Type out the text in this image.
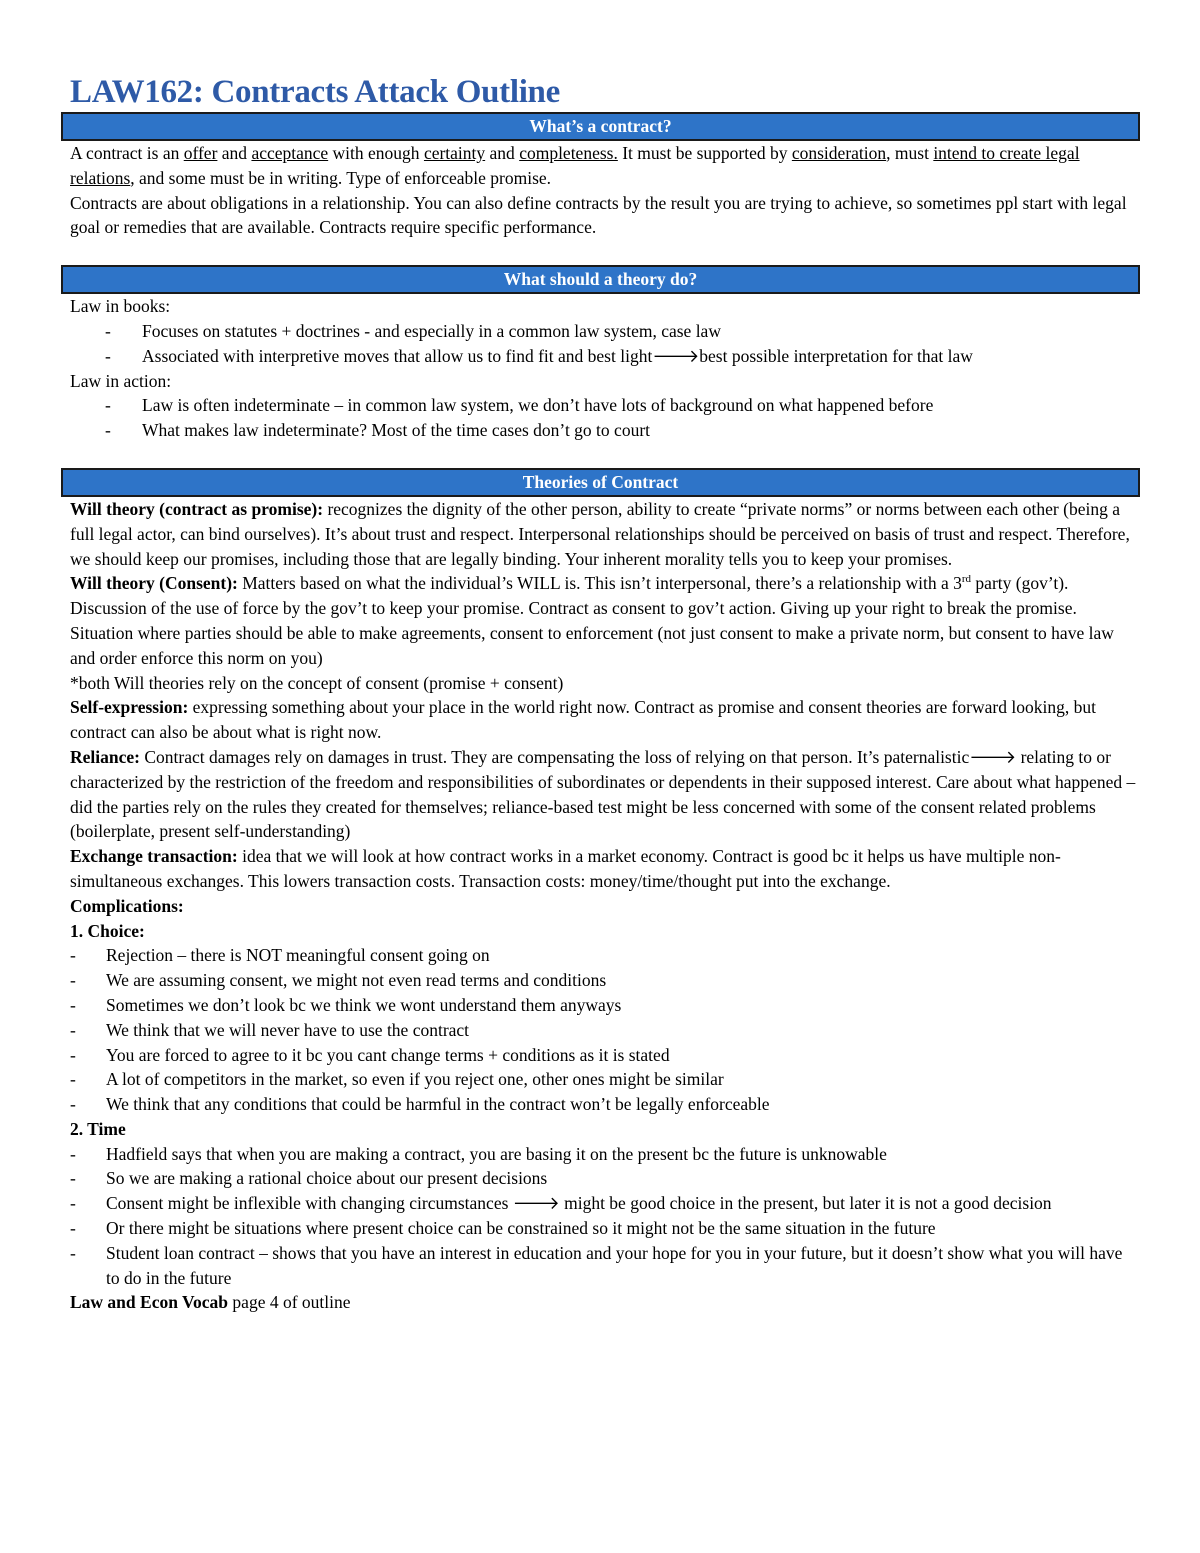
LAW162: Contracts Attack Outline
What’s a contract?
A contract is an offer and acceptance with enough certainty and completeness. It must be supported by consideration, must intend to create legal relations, and some must be in writing. Type of enforceable promise.
Contracts are about obligations in a relationship. You can also define contracts by the result you are trying to achieve, so sometimes ppl start with legal goal or remedies that are available. Contracts require specific performance.
What should a theory do?
Law in books:
- Focuses on statutes + doctrines - and especially in a common law system, case law
- Associated with interpretive moves that allow us to find fit and best light🡒best possible interpretation for that law
Law in action:
- Law is often indeterminate – in common law system, we don’t have lots of background on what happened before
- What makes law indeterminate? Most of the time cases don’t go to court
Theories of Contract
Will theory (contract as promise): recognizes the dignity of the other person, ability to create “private norms” or norms between each other (being a full legal actor, can bind ourselves). It’s about trust and respect. Interpersonal relationships should be perceived on basis of trust and respect. Therefore, we should keep our promises, including those that are legally binding. Your inherent morality tells you to keep your promises.
Will theory (Consent): Matters based on what the individual’s WILL is. This isn’t interpersonal, there’s a relationship with a 3rd party (gov’t). Discussion of the use of force by the gov’t to keep your promise. Contract as consent to gov’t action. Giving up your right to break the promise. Situation where parties should be able to make agreements, consent to enforcement (not just consent to make a private norm, but consent to have law and order enforce this norm on you)
*both Will theories rely on the concept of consent (promise + consent)
Self-expression: expressing something about your place in the world right now. Contract as promise and consent theories are forward looking, but contract can also be about what is right now.
Reliance: Contract damages rely on damages in trust. They are compensating the loss of relying on that person. It’s paternalistic🡒 relating to or characterized by the restriction of the freedom and responsibilities of subordinates or dependents in their supposed interest. Care about what happened – did the parties rely on the rules they created for themselves; reliance-based test might be less concerned with some of the consent related problems (boilerplate, present self-understanding)
Exchange transaction: idea that we will look at how contract works in a market economy. Contract is good bc it helps us have multiple non-simultaneous exchanges. This lowers transaction costs. Transaction costs: money/time/thought put into the exchange.
Complications:
1. Choice:
- Rejection – there is NOT meaningful consent going on
- We are assuming consent, we might not even read terms and conditions
- Sometimes we don’t look bc we think we wont understand them anyways
- We think that we will never have to use the contract
- You are forced to agree to it bc you cant change terms + conditions as it is stated
- A lot of competitors in the market, so even if you reject one, other ones might be similar
- We think that any conditions that could be harmful in the contract won’t be legally enforceable
2. Time
- Hadfield says that when you are making a contract, you are basing it on the present bc the future is unknowable
- So we are making a rational choice about our present decisions
- Consent might be inflexible with changing circumstances 🡒 might be good choice in the present, but later it is not a good decision
- Or there might be situations where present choice can be constrained so it might not be the same situation in the future
- Student loan contract – shows that you have an interest in education and your hope for you in your future, but it doesn’t show what you will have to do in the future
Law and Econ Vocab page 4 of outline
